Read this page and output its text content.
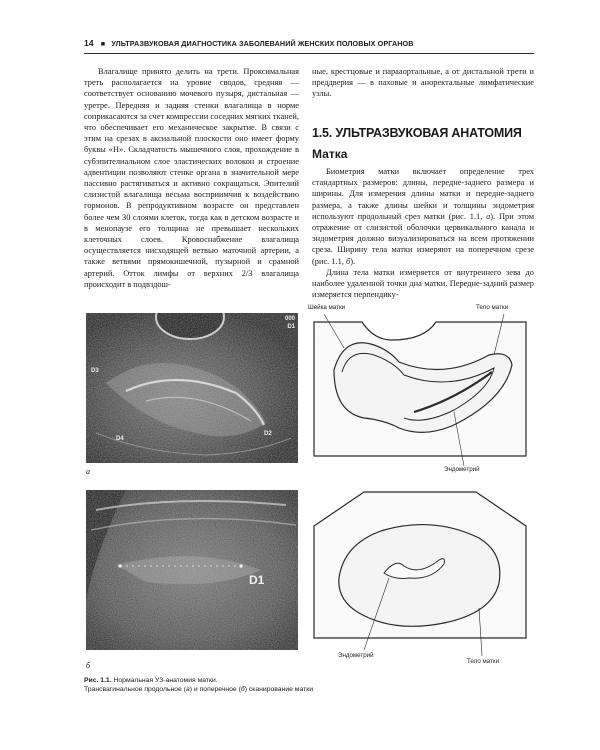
14 ■ УЛЬТРАЗВУКОВАЯ ДИАГНОСТИКА ЗАБОЛЕВАНИЙ ЖЕНСКИХ ПОЛОВЫХ ОРГАНОВ

Влагалище принято делить на трети. Проксимальная треть располагается на уровне сводов, средняя — соответствует основанию мочевого пузыря, дистальная — уретре. Передняя и задняя стенки влагалища в норме соприкасаются за счет компрессии соседних мягких тканей, что обеспечивает его механическое закрытие. В связи с этим на срезах в аксиальной плоскости оно имеет форму буквы «Н». Складчатость мышечного слоя, прохождение в субэпителиальном слое эластических волокон и строение адвентиции позволяют стенке органа в значительной мере пассивно растягиваться и активно сокращаться. Эпителий слизистой влагалища весьма восприимчив к воздействию гормонов. В репродуктивном возрасте он представлен более чем 30 слоями клеток, тогда как в детском возрасте и в менопаузе его толщина не превышает нескольких клеточных слоев. Кровоснабжение влагалища осуществляется нисходящей ветвью маточной артерии, а также ветвями прямокишечной, пузырной и срамной артерий. Отток лимфы от верхних 2/3 влагалища происходит в подвздош-

ные, крестцовые и парааортальные, а от дистальной трети и преддверия — в паховые и аноректальные лимфатические узлы.

1.5. УЛЬТРАЗВУКОВАЯ АНАТОМИЯ
Матка

Биометрия матки включает определение трех стандартных размеров: длины, передне-заднего размера и ширины. Для измерения длины матки и передне-заднего размера, а также длины шейки и толщины эндометрия используют продольный срез матки (рис. 1.1, а). При этом отражение от слизистой оболочки цервикального канала и эндометрия должно визуализироваться на всем протяжении среза. Ширину тела матки измеряют на поперечном срезе (рис. 1.1, б).

Длина тела матки измеряется от внутреннего зева до наиболее удаленной точки дна матки. Передне-задний размер измеряется перпендику-

000
D1
D3
D4
D2
а
D1
б
Шейка матки	Тело матки
Эндометрий
Эндометрий
Тело матки
Рис. 1.1. Нормальная УЗ-анатомия матки.
Трансвагинальное продольное (а) и поперечное (б) сканирование матки
